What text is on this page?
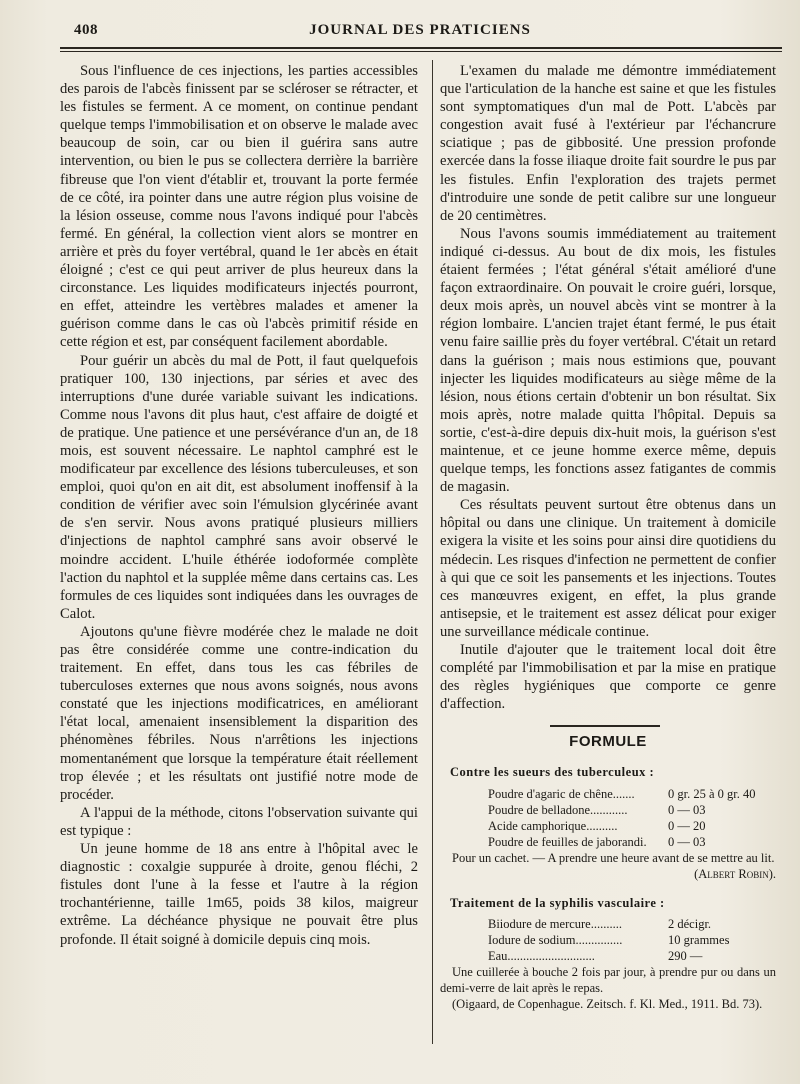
408	JOURNAL DES PRATICIENS

Sous l'influence de ces injections, les parties accessibles des parois de l'abcès finissent par se scléroser se rétracter, et les fistules se ferment. A ce moment, on continue pendant quelque temps l'immobilisation et on observe le malade avec beaucoup de soin, car ou bien il guérira sans autre intervention, ou bien le pus se collectera derrière la barrière fibreuse que l'on vient d'établir et, trouvant la porte fermée de ce côté, ira pointer dans une autre région plus voisine de la lésion osseuse, comme nous l'avons indiqué pour l'abcès fermé. En général, la collection vient alors se montrer en arrière et près du foyer vertébral, quand le 1er abcès en était éloigné ; c'est ce qui peut arriver de plus heureux dans la circonstance. Les liquides modificateurs injectés pourront, en effet, atteindre les vertèbres malades et amener la guérison comme dans le cas où l'abcès primitif réside en cette région et est, par conséquent facilement abordable.

Pour guérir un abcès du mal de Pott, il faut quelquefois pratiquer 100, 130 injections, par séries et avec des interruptions d'une durée variable suivant les indications. Comme nous l'avons dit plus haut, c'est affaire de doigté et de pratique. Une patience et une persévérance d'un an, de 18 mois, est souvent nécessaire. Le naphtol camphré est le modificateur par excellence des lésions tuberculeuses, et son emploi, quoi qu'on en ait dit, est absolument inoffensif à la condition de vérifier avec soin l'émulsion glycérinée avant de s'en servir. Nous avons pratiqué plusieurs milliers d'injections de naphtol camphré sans avoir observé le moindre accident. L'huile éthérée iodoformée complète l'action du naphtol et la supplée même dans certains cas. Les formules de ces liquides sont indiquées dans les ouvrages de Calot.

Ajoutons qu'une fièvre modérée chez le malade ne doit pas être considérée comme une contre-indication du traitement. En effet, dans tous les cas fébriles de tuberculoses externes que nous avons soignés, nous avons constaté que les injections modificatrices, en améliorant l'état local, amenaient insensiblement la disparition des phénomènes fébriles. Nous n'arrêtions les injections momentanément que lorsque la température était réellement trop élevée ; et les résultats ont justifié notre mode de procéder.

A l'appui de la méthode, citons l'observation suivante qui est typique :

Un jeune homme de 18 ans entre à l'hôpital avec le diagnostic : coxalgie suppurée à droite, genou fléchi, 2 fistules dont l'une à la fesse et l'autre à la région trochantérienne, taille 1m65, poids 38 kilos, maigreur extrême. La déchéance physique ne pouvait être plus profonde. Il était soigné à domicile depuis cinq mois.

L'examen du malade me démontre immédiatement que l'articulation de la hanche est saine et que les fistules sont symptomatiques d'un mal de Pott. L'abcès par congestion avait fusé à l'extérieur par l'échancrure sciatique ; pas de gibbosité. Une pression profonde exercée dans la fosse iliaque droite fait sourdre le pus par les fistules. Enfin l'exploration des trajets permet d'introduire une sonde de petit calibre sur une longueur de 20 centimètres.

Nous l'avons soumis immédiatement au traitement indiqué ci-dessus. Au bout de dix mois, les fistules étaient fermées ; l'état général s'était amélioré d'une façon extraordinaire. On pouvait le croire guéri, lorsque, deux mois après, un nouvel abcès vint se montrer à la région lombaire. L'ancien trajet étant fermé, le pus était venu faire saillie près du foyer vertébral. C'était un retard dans la guérison ; mais nous estimions que, pouvant injecter les liquides modificateurs au siège même de la lésion, nous étions certain d'obtenir un bon résultat. Six mois après, notre malade quitta l'hôpital. Depuis sa sortie, c'est-à-dire depuis dix-huit mois, la guérison s'est maintenue, et ce jeune homme exerce même, depuis quelque temps, les fonctions assez fatigantes de commis de magasin.

Ces résultats peuvent surtout être obtenus dans un hôpital ou dans une clinique. Un traitement à domicile exigera la visite et les soins pour ainsi dire quotidiens du médecin. Les risques d'infection ne permettent de confier à qui que ce soit les pansements et les injections. Toutes ces manœuvres exigent, en effet, la plus grande antisepsie, et le traitement est assez délicat pour exiger une surveillance médicale continue.

Inutile d'ajouter que le traitement local doit être complété par l'immobilisation et par la mise en pratique des règles hygiéniques que comporte ce genre d'affection.

FORMULE
Contre les sueurs des tuberculeux :
Poudre d'agaric de chêne.......	0 gr. 25 à 0 gr. 40
Poudre de belladone............	0 — 03
Acide camphorique..........	0 — 20
Poudre de feuilles de jaborandi.	0 — 03
Pour un cachet. — A prendre une heure avant de se mettre au lit.
(Albert Robin).
Traitement de la syphilis vasculaire :
Biiodure de mercure..........	2 décigr.
Iodure de sodium...............	10 grammes
Eau............................	290 —
Une cuillerée à bouche 2 fois par jour, à prendre pur ou dans un demi-verre de lait après le repas.
(Oigaard, de Copenhague. Zeitsch. f. Kl. Med., 1911. Bd. 73).
